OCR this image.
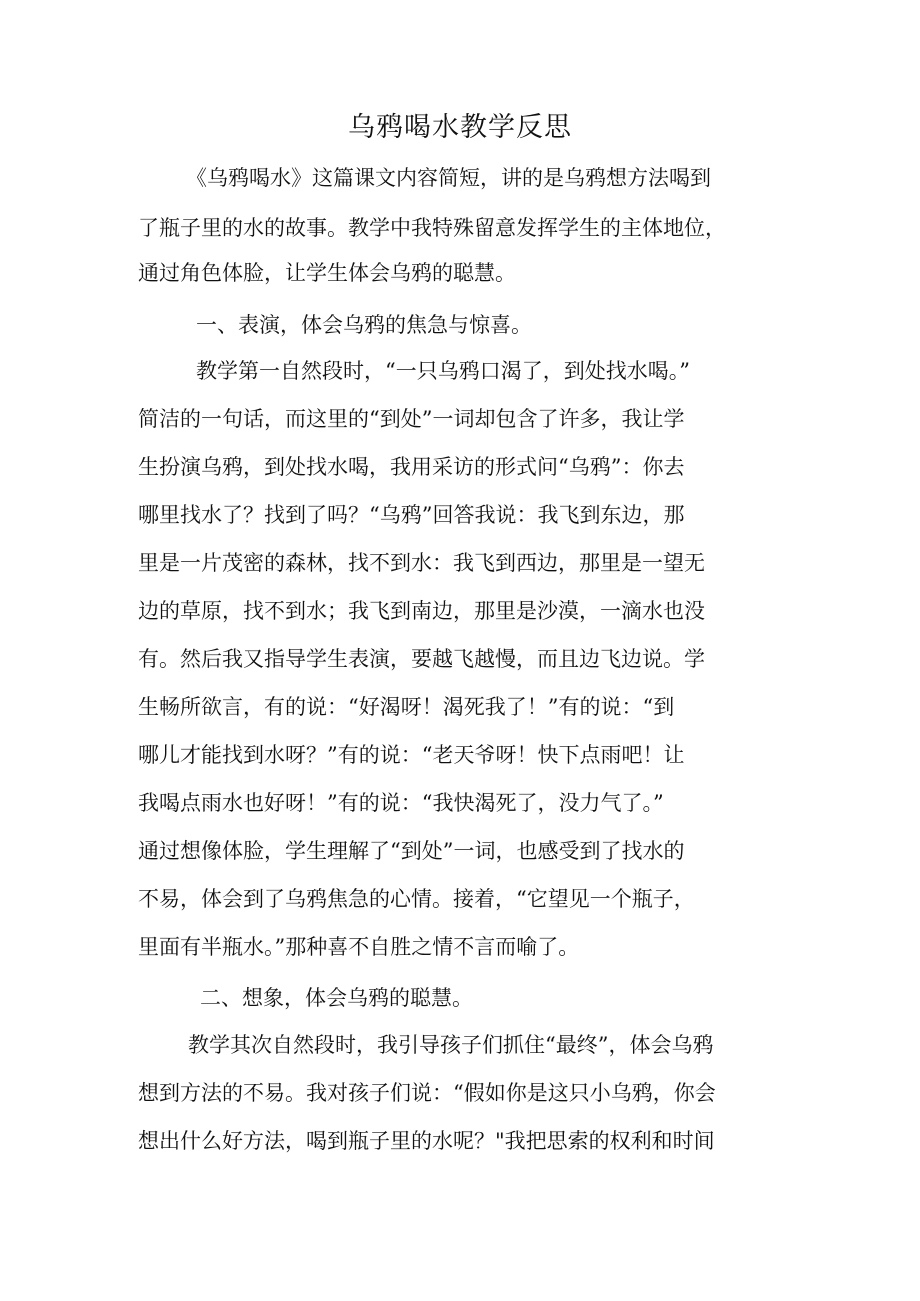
乌鸦喝水教学反思

《乌鸦喝水》这篇课文内容简短，讲的是乌鸦想方法喝到

了瓶子里的水的故事。教学中我特殊留意发挥学生的主体地位，

通过角色体脸，让学生体会乌鸦的聪慧。

一、表演，体会乌鸦的焦急与惊喜。

教学第一自然段时，“一只乌鸦口渴了，到处找水喝。”

简洁的一句话，而这里的“到处”一词却包含了许多，我让学

生扮演乌鸦，到处找水喝，我用采访的形式问“乌鸦”：你去

哪里找水了？找到了吗？“乌鸦”回答我说：我飞到东边，那

里是一片茂密的森林，找不到水：我飞到西边，那里是一望无

边的草原，找不到水；我飞到南边，那里是沙漠，一滴水也没

有。然后我又指导学生表演，要越飞越慢，而且边飞边说。学

生畅所欲言，有的说：“好渴呀！渴死我了！”有的说：“到

哪儿才能找到水呀？”有的说：“老天爷呀！快下点雨吧！让

我喝点雨水也好呀！”有的说：“我快渴死了，没力气了。”

通过想像体脸，学生理解了“到处”一词，也感受到了找水的

不易，体会到了乌鸦焦急的心情。接着，“它望见一个瓶子，

里面有半瓶水。”那种喜不自胜之情不言而喻了。

二、想象，体会乌鸦的聪慧。

教学其次自然段时，我引导孩子们抓住“最终”，体会乌鸦

想到方法的不易。我对孩子们说：“假如你是这只小乌鸦，你会

想出什么好方法，喝到瓶子里的水呢？"我把思索的权利和时间
